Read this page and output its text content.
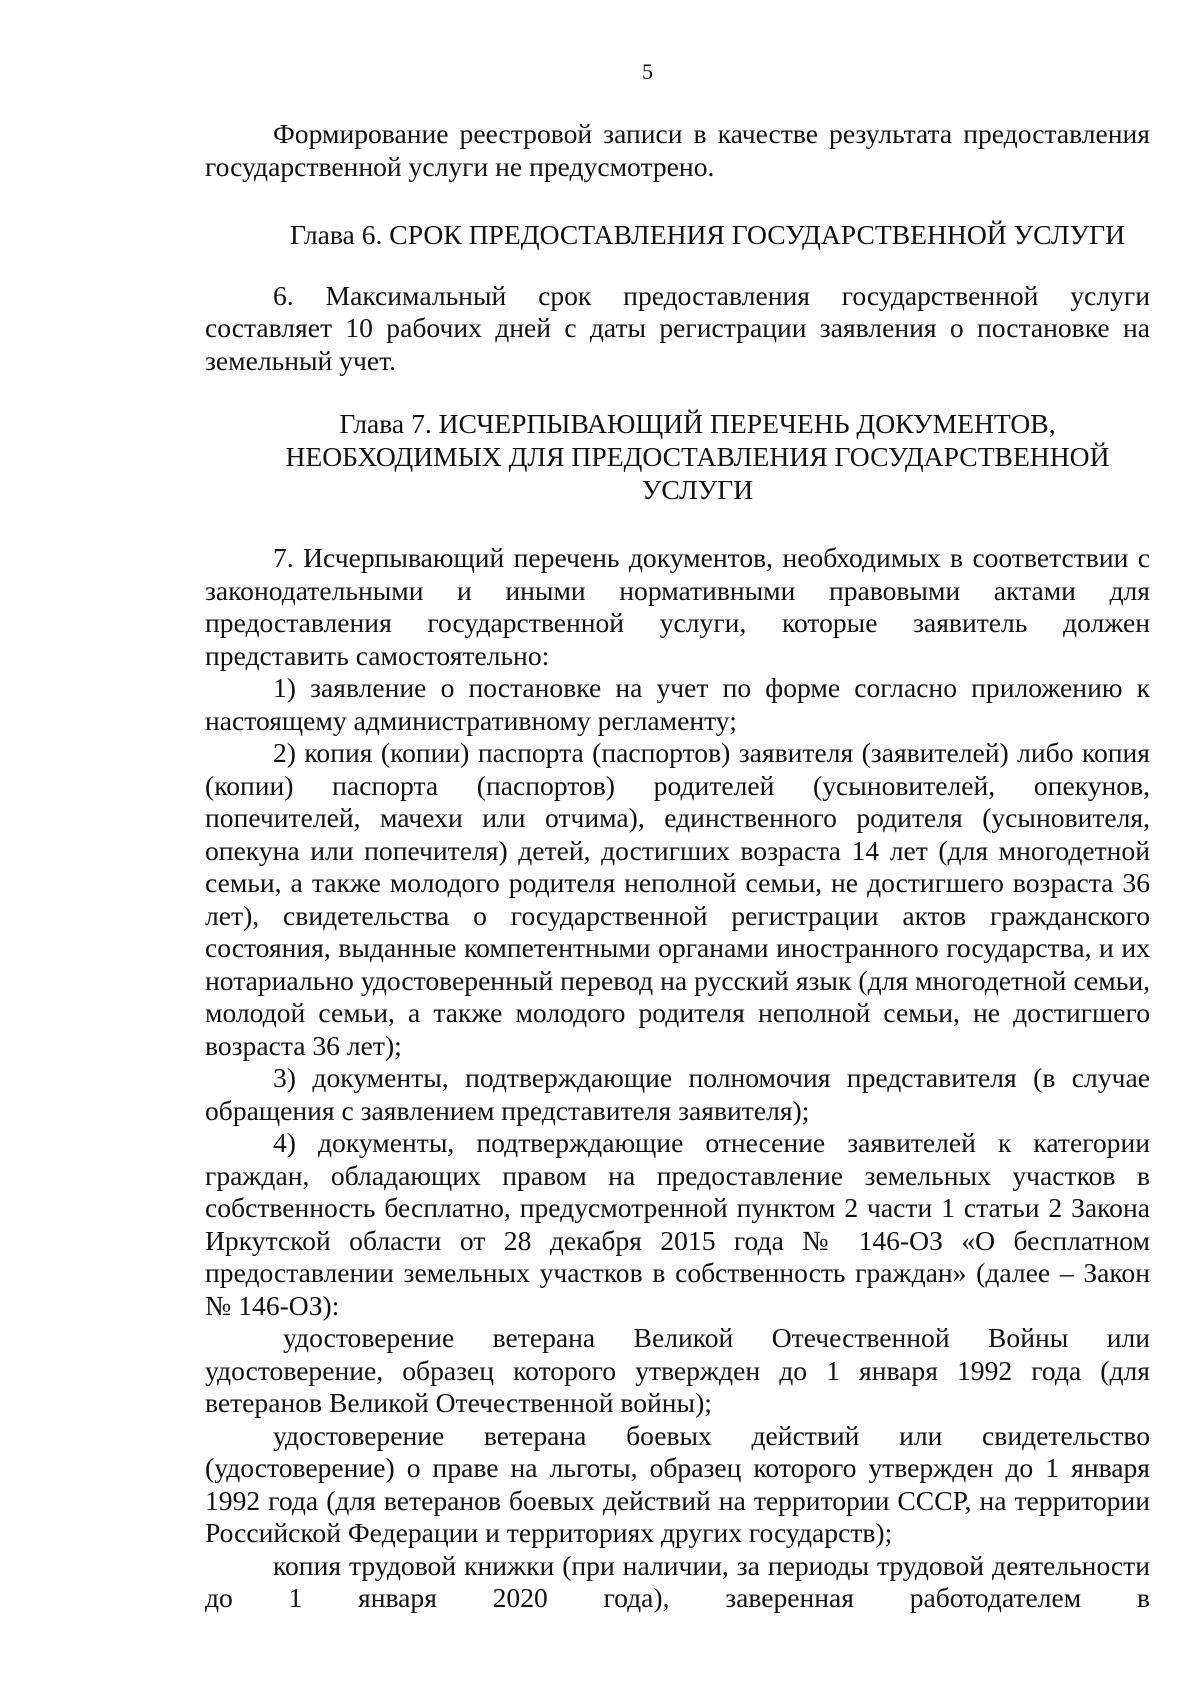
5

Формирование реестровой записи в качестве результата предоставления государственной услуги не предусмотрено.

Глава 6. СРОК ПРЕДОСТАВЛЕНИЯ ГОСУДАРСТВЕННОЙ УСЛУГИ

6. Максимальный срок предоставления государственной услуги составляет 10 рабочих дней с даты регистрации заявления о постановке на земельный учет.

Глава 7. ИСЧЕРПЫВАЮЩИЙ ПЕРЕЧЕНЬ ДОКУМЕНТОВ,
НЕОБХОДИМЫХ ДЛЯ ПРЕДОСТАВЛЕНИЯ ГОСУДАРСТВЕННОЙ
УСЛУГИ

7. Исчерпывающий перечень документов, необходимых в соответствии с законодательными и иными нормативными правовыми актами для предоставления государственной услуги, которые заявитель должен представить самостоятельно:

1) заявление о постановке на учет по форме согласно приложению к настоящему административному регламенту;

2) копия (копии) паспорта (паспортов) заявителя (заявителей) либо копия (копии) паспорта (паспортов) родителей (усыновителей, опекунов, попечителей, мачехи или отчима), единственного родителя (усыновителя, опекуна или попечителя) детей, достигших возраста 14 лет (для многодетной семьи, а также молодого родителя неполной семьи, не достигшего возраста 36 лет), свидетельства о государственной регистрации актов гражданского состояния, выданные компетентными органами иностранного государства, и их нотариально удостоверенный перевод на русский язык (для многодетной семьи, молодой семьи, а также молодого родителя неполной семьи, не достигшего возраста 36 лет);

3) документы, подтверждающие полномочия представителя (в случае обращения с заявлением представителя заявителя);

4) документы, подтверждающие отнесение заявителей к категории граждан, обладающих правом на предоставление земельных участков в собственность бесплатно, предусмотренной пунктом 2 части 1 статьи 2 Закона Иркутской области от 28 декабря 2015 года № 146-ОЗ «О бесплатном предоставлении земельных участков в собственность граждан» (далее – Закон № 146-ОЗ):

удостоверение ветерана Великой Отечественной Войны или удостоверение, образец которого утвержден до 1 января 1992 года (для ветеранов Великой Отечественной войны);

удостоверение ветерана боевых действий или свидетельство (удостоверение) о праве на льготы, образец которого утвержден до 1 января 1992 года (для ветеранов боевых действий на территории СССР, на территории Российской Федерации и территориях других государств);

копия трудовой книжки (при наличии, за периоды трудовой деятельности до 1 января 2020 года), заверенная работодателем в
